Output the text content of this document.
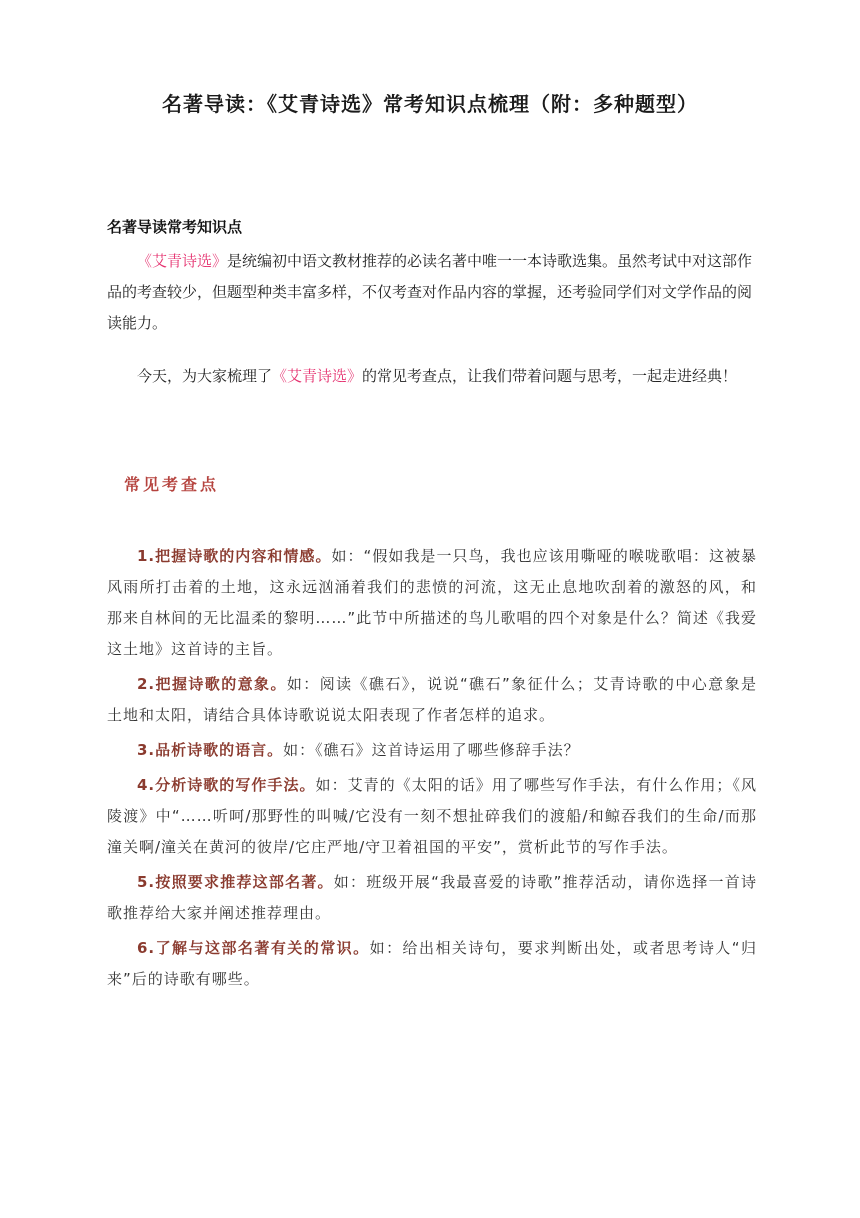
名著导读：《艾青诗选》常考知识点梳理（附：多种题型）
名著导读常考知识点

《艾青诗选》是统编初中语文教材推荐的必读名著中唯一一本诗歌选集。虽然考试中对这部作品的考查较少，但题型种类丰富多样，不仅考查对作品内容的掌握，还考验同学们对文学作品的阅读能力。

今天，为大家梳理了《艾青诗选》的常见考查点，让我们带着问题与思考，一起走进经典！

常见考查点
1.把握诗歌的内容和情感。如：“假如我是一只鸟，我也应该用嘶哑的喉咙歌唱：这被暴风雨所打击着的土地，这永远汹涌着我们的悲愤的河流，这无止息地吹刮着的激怒的风，和那来自林间的无比温柔的黎明……”此节中所描述的鸟儿歌唱的四个对象是什么？简述《我爱这土地》这首诗的主旨。
2.把握诗歌的意象。如：阅读《礁石》，说说“礁石”象征什么；艾青诗歌的中心意象是土地和太阳，请结合具体诗歌说说太阳表现了作者怎样的追求。
3.品析诗歌的语言。如：《礁石》这首诗运用了哪些修辞手法？
4.分析诗歌的写作手法。如：艾青的《太阳的话》用了哪些写作手法，有什么作用；《风陵渡》中“……听呵/那野性的叫喊/它没有一刻不想扯碎我们的渡船/和鲸吞我们的生命/而那潼关啊/潼关在黄河的彼岸/它庄严地/守卫着祖国的平安”，赏析此节的写作手法。
5.按照要求推荐这部名著。如：班级开展“我最喜爱的诗歌”推荐活动，请你选择一首诗歌推荐给大家并阐述推荐理由。
6.了解与这部名著有关的常识。如：给出相关诗句，要求判断出处，或者思考诗人“归来”后的诗歌有哪些。
